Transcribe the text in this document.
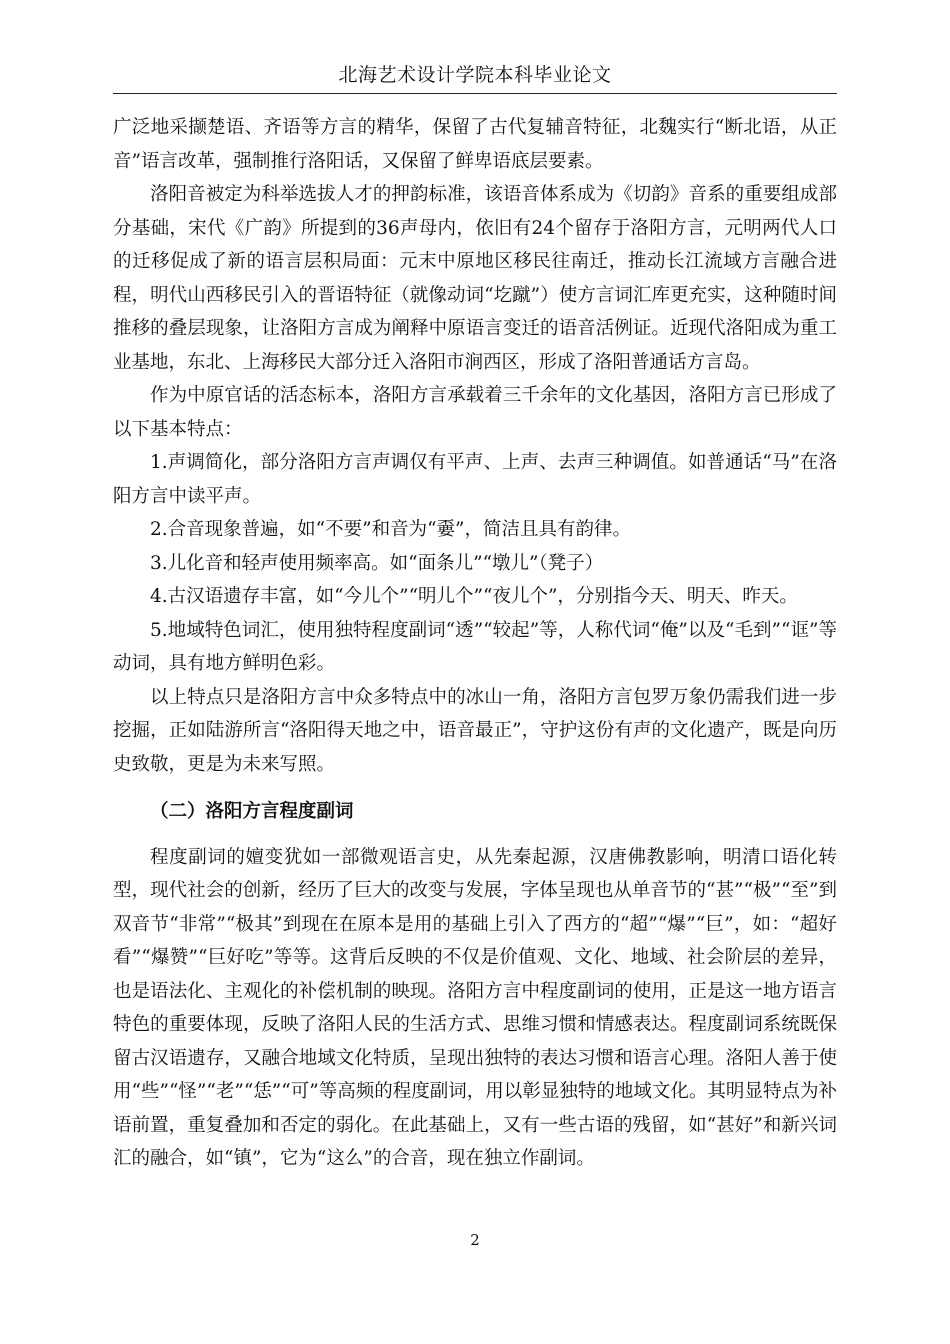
北海艺术设计学院本科毕业论文

广泛地采撷楚语、齐语等方言的精华，保留了古代复辅音特征，北魏实行“断北语，从正音”语言改革，强制推行洛阳话，又保留了鲜卑语底层要素。

洛阳音被定为科举选拔人才的押韵标准，该语音体系成为《切韵》音系的重要组成部分基础，宋代《广韵》所提到的36声母内，依旧有24个留存于洛阳方言，元明两代人口的迁移促成了新的语言层积局面：元末中原地区移民往南迁，推动长江流域方言融合进程，明代山西移民引入的晋语特征（就像动词“圪蹴”）使方言词汇库更充实，这种随时间推移的叠层现象，让洛阳方言成为阐释中原语言变迁的语音活例证。近现代洛阳成为重工业基地，东北、上海移民大部分迁入洛阳市涧西区，形成了洛阳普通话方言岛。

作为中原官话的活态标本，洛阳方言承载着三千余年的文化基因，洛阳方言已形成了以下基本特点：

1.声调简化，部分洛阳方言声调仅有平声、上声、去声三种调值。如普通话“马”在洛阳方言中读平声。

2.合音现象普遍，如“不要”和音为“嫑”，简洁且具有韵律。

3.儿化音和轻声使用频率高。如“面条儿”“墩儿”（凳子）

4.古汉语遗存丰富，如“今儿个”“明儿个”“夜儿个”，分别指今天、明天、昨天。

5.地域特色词汇，使用独特程度副词“透”“较起”等，人称代词“俺”以及“毛到”“诓”等动词，具有地方鲜明色彩。

以上特点只是洛阳方言中众多特点中的冰山一角，洛阳方言包罗万象仍需我们进一步挖掘，正如陆游所言“洛阳得天地之中，语音最正”，守护这份有声的文化遗产，既是向历史致敬，更是为未来写照。

（二）洛阳方言程度副词

程度副词的嬗变犹如一部微观语言史，从先秦起源，汉唐佛教影响，明清口语化转型，现代社会的创新，经历了巨大的改变与发展，字体呈现也从单音节的“甚”“极”“至”到双音节“非常”“极其”到现在在原本是用的基础上引入了西方的“超”“爆”“巨”，如：“超好看”“爆赞”“巨好吃”等等。这背后反映的不仅是价值观、文化、地域、社会阶层的差异，也是语法化、主观化的补偿机制的映现。洛阳方言中程度副词的使用，正是这一地方语言特色的重要体现，反映了洛阳人民的生活方式、思维习惯和情感表达。程度副词系统既保留古汉语遗存，又融合地域文化特质，呈现出独特的表达习惯和语言心理。洛阳人善于使用“些”“怪”“老”“恁”“可”等高频的程度副词，用以彰显独特的地域文化。其明显特点为补语前置，重复叠加和否定的弱化。在此基础上，又有一些古语的残留，如“甚好”和新兴词汇的融合，如“镇”，它为“这么”的合音，现在独立作副词。

2
